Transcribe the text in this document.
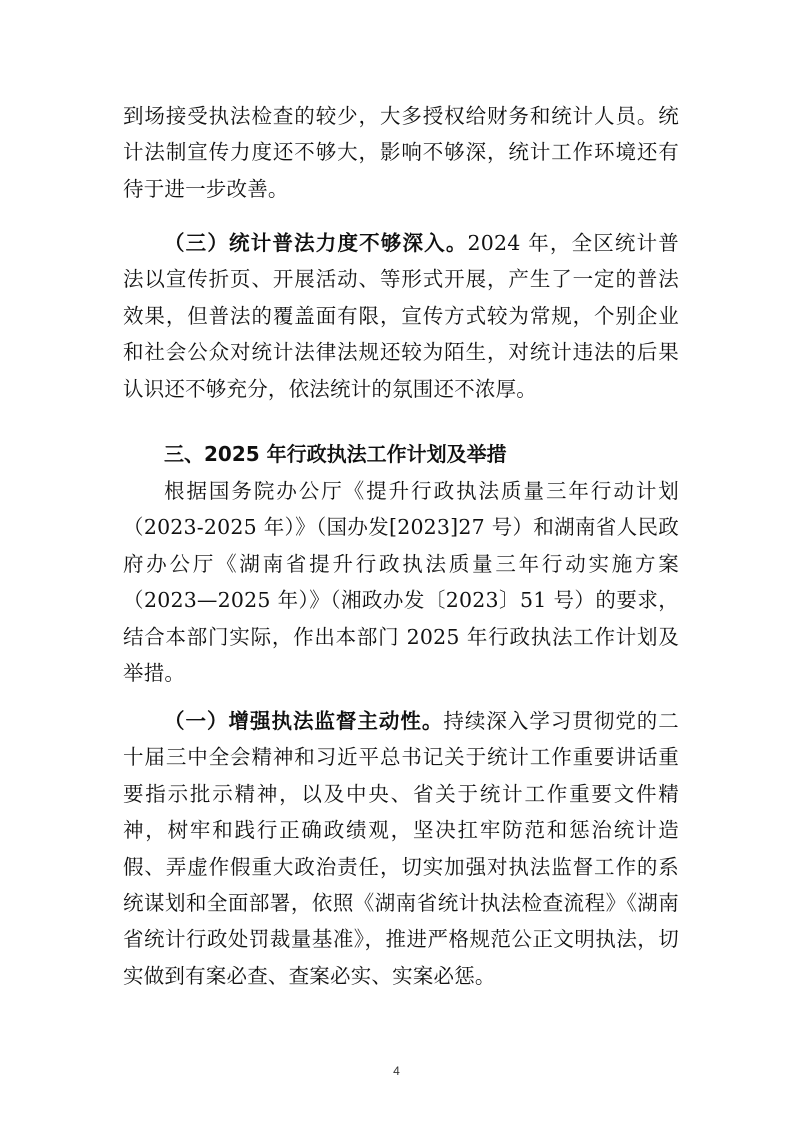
到场接受执法检查的较少，大多授权给财务和统计人员。统计法制宣传力度还不够大，影响不够深，统计工作环境还有待于进一步改善。

（三）统计普法力度不够深入。2024 年，全区统计普法以宣传折页、开展活动、等形式开展，产生了一定的普法效果，但普法的覆盖面有限，宣传方式较为常规，个别企业和社会公众对统计法律法规还较为陌生，对统计违法的后果认识还不够充分，依法统计的氛围还不浓厚。

三、2025 年行政执法工作计划及举措

根据国务院办公厅《提升行政执法质量三年行动计划（2023-2025 年）》（国办发[2023]27 号）和湖南省人民政府办公厅《湖南省提升行政执法质量三年行动实施方案（2023—2025 年）》（湘政办发〔2023〕51 号）的要求，结合本部门实际，作出本部门 2025 年行政执法工作计划及举措。

（一）增强执法监督主动性。持续深入学习贯彻党的二十届三中全会精神和习近平总书记关于统计工作重要讲话重要指示批示精神，以及中央、省关于统计工作重要文件精神，树牢和践行正确政绩观，坚决扛牢防范和惩治统计造假、弄虚作假重大政治责任，切实加强对执法监督工作的系统谋划和全面部署，依照《湖南省统计执法检查流程》《湖南省统计行政处罚裁量基准》，推进严格规范公正文明执法，切实做到有案必查、查案必实、实案必惩。

4
